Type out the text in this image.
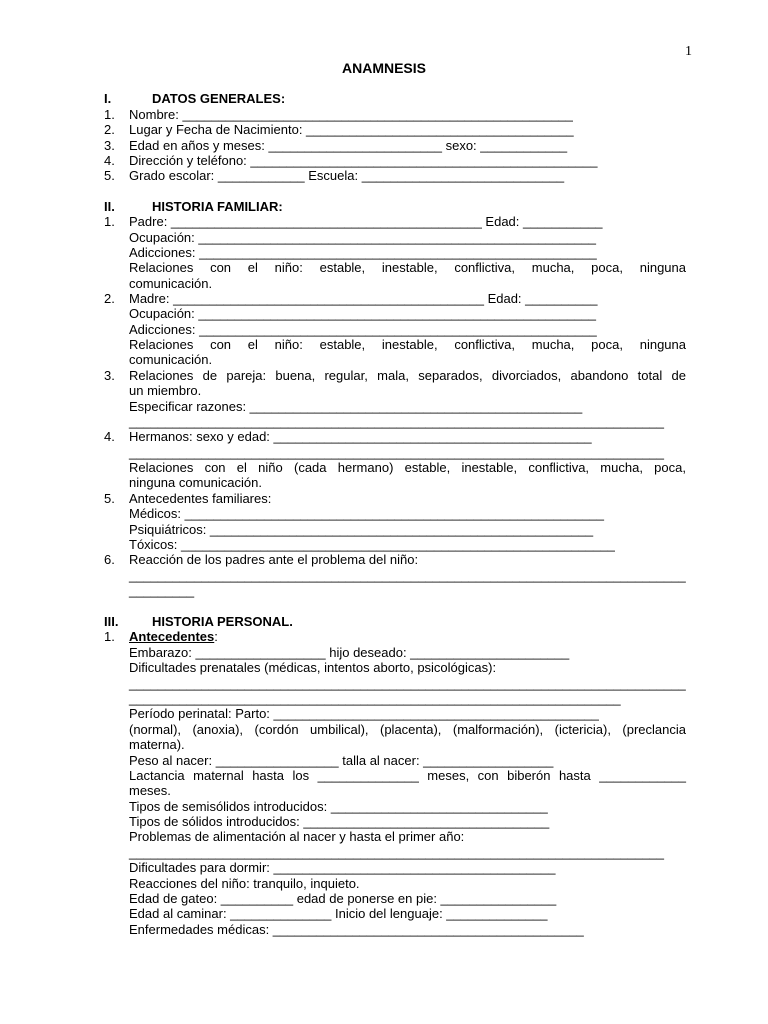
1
ANAMNESIS
I.	DATOS GENERALES:
1.	Nombre: ______________________________________________________
2.	Lugar y Fecha de Nacimiento: _____________________________________
3.	Edad en años y meses: ________________________ sexo: ____________
4.	Dirección y teléfono: ________________________________________________
5.	Grado escolar: ____________ Escuela: ____________________________
II.	HISTORIA FAMILIAR:
1.	Padre: ___________________________________________ Edad: ___________
Ocupación: _______________________________________________________
Adicciones: _______________________________________________________
Relaciones con el niño: estable, inestable, conflictiva, mucha, poca, ninguna
comunicación.
2.	Madre: ___________________________________________ Edad: __________
Ocupación: _______________________________________________________
Adicciones: _______________________________________________________
Relaciones con el niño: estable, inestable, conflictiva, mucha, poca, ninguna
comunicación.
3.	Relaciones de pareja: buena, regular, mala, separados, divorciados, abandono total de
un miembro.
Especificar razones: ______________________________________________
__________________________________________________________________________
4.	Hermanos: sexo y edad: ____________________________________________
__________________________________________________________________________
Relaciones con el niño (cada hermano) estable, inestable, conflictiva, mucha, poca,
ninguna comunicación.
5.	Antecedentes familiares:
Médicos: __________________________________________________________
Psiquiátricos: _____________________________________________________
Tóxicos: ____________________________________________________________
6.	Reacción de los padres ante el problema del niño:
_____________________________________________________________________________
_________
III.	HISTORIA PERSONAL.
1.	Antecedentes:
Embarazo: __________________ hijo deseado: ______________________
Dificultades prenatales (médicas, intentos aborto, psicológicas):
_____________________________________________________________________________
____________________________________________________________________
Período perinatal: Parto: _____________________________________________
(normal), (anoxia), (cordón umbilical), (placenta), (malformación), (ictericia), (preclancia
materna).
Peso al nacer: _________________ talla al nacer: __________________
Lactancia maternal hasta los ______________ meses, con biberón hasta ____________
meses.
Tipos de semisólidos introducidos: ______________________________
Tipos de sólidos introducidos: __________________________________
Problemas de alimentación al nacer y hasta el primer año:
__________________________________________________________________________
Dificultades para dormir: _______________________________________
Reacciones del niño: tranquilo, inquieto.
Edad de gateo: __________ edad de ponerse en pie: ________________
Edad al caminar: ______________ Inicio del lenguaje: ______________
Enfermedades médicas: ___________________________________________
